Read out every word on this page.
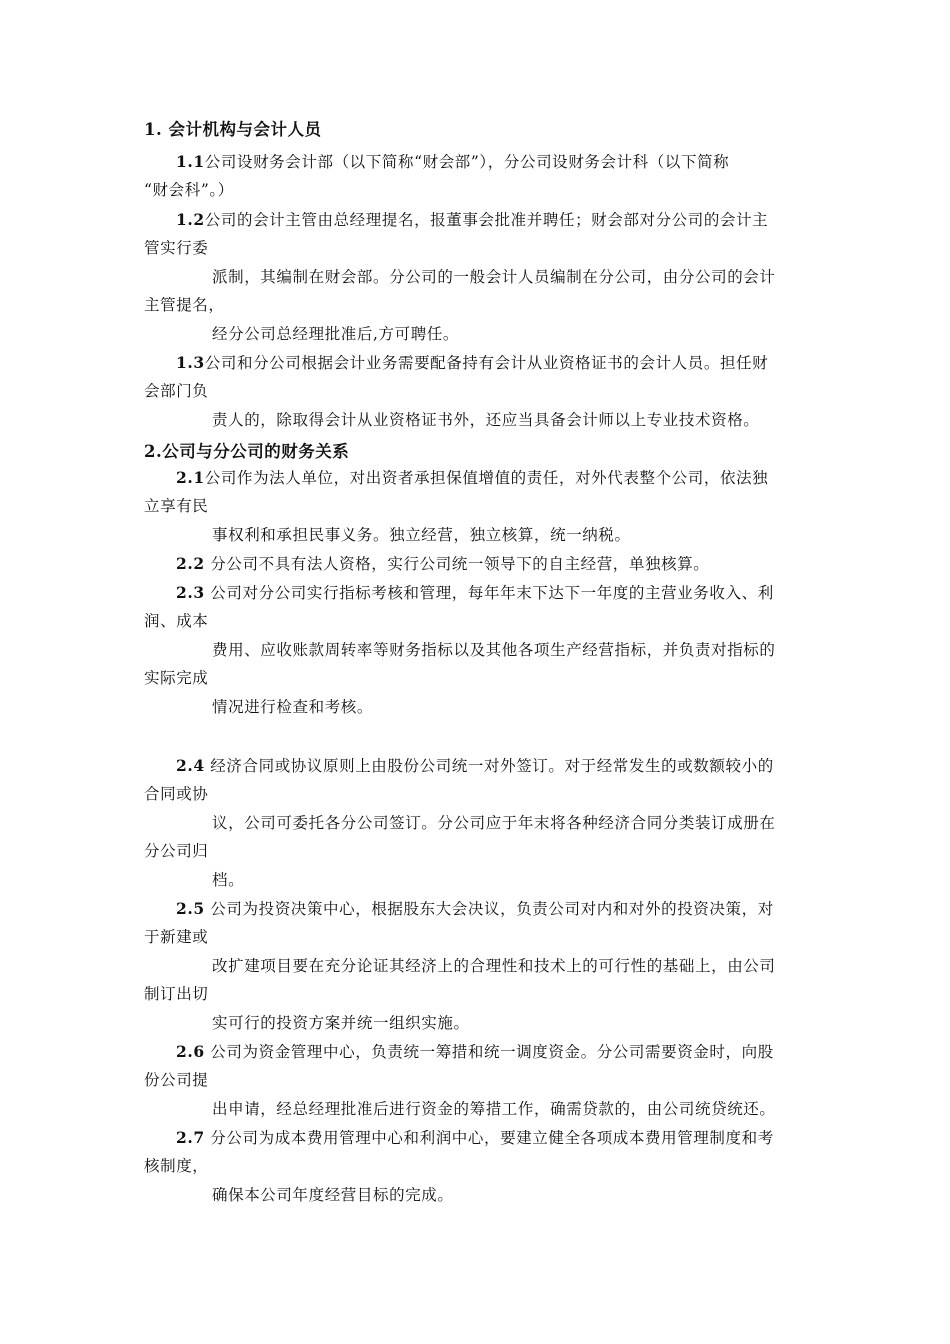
1. 会计机构与会计人员
1.1公司设财务会计部（以下简称“财会部”），分公司设财务会计科（以下简称
“财会科”。）
1.2公司的会计主管由总经理提名，报董事会批准并聘任；财会部对分公司的会计主
管实行委
派制，其编制在财会部。分公司的一般会计人员编制在分公司，由分公司的会计
主管提名，
经分公司总经理批准后,方可聘任。
1.3公司和分公司根据会计业务需要配备持有会计从业资格证书的会计人员。担任财
会部门负
责人的，除取得会计从业资格证书外，还应当具备会计师以上专业技术资格。
2.公司与分公司的财务关系
2.1公司作为法人单位，对出资者承担保值增值的责任，对外代表整个公司，依法独
立享有民
事权利和承担民事义务。独立经营，独立核算，统一纳税。
2.2 分公司不具有法人资格，实行公司统一领导下的自主经营，单独核算。
2.3 公司对分公司实行指标考核和管理，每年年末下达下一年度的主营业务收入、利
润、成本
费用、应收账款周转率等财务指标以及其他各项生产经营指标，并负责对指标的
实际完成
情况进行检查和考核。
2.4 经济合同或协议原则上由股份公司统一对外签订。对于经常发生的或数额较小的
合同或协
议，公司可委托各分公司签订。分公司应于年末将各种经济合同分类装订成册在
分公司归
档。
2.5 公司为投资决策中心，根据股东大会决议，负责公司对内和对外的投资决策，对
于新建或
改扩建项目要在充分论证其经济上的合理性和技术上的可行性的基础上，由公司
制订出切
实可行的投资方案并统一组织实施。
2.6 公司为资金管理中心，负责统一筹措和统一调度资金。分公司需要资金时，向股
份公司提
出申请，经总经理批准后进行资金的筹措工作，确需贷款的，由公司统贷统还。
2.7 分公司为成本费用管理中心和利润中心，要建立健全各项成本费用管理制度和考
核制度，
确保本公司年度经营目标的完成。
